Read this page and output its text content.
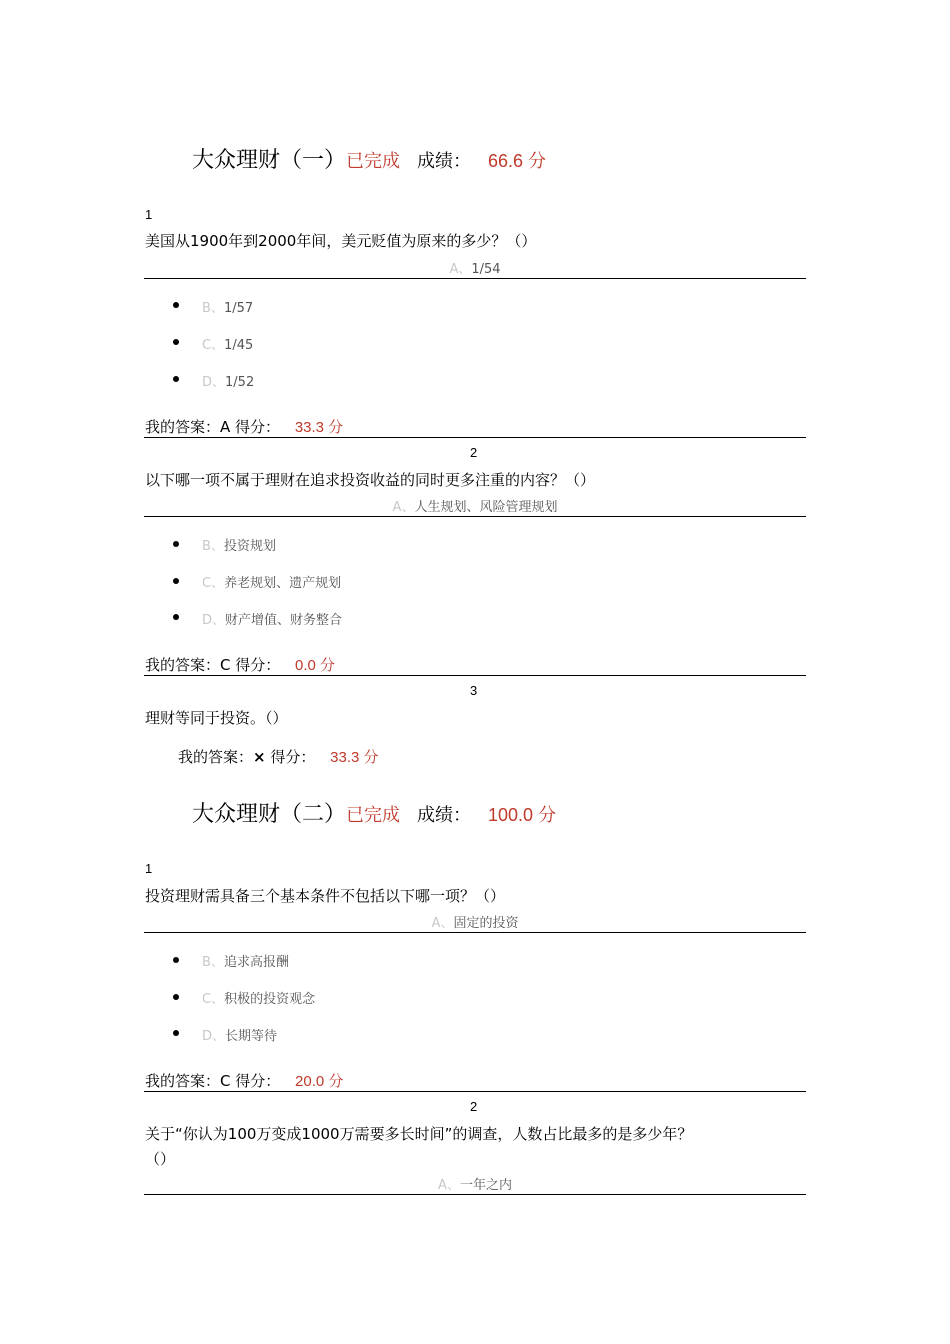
大众理财（一）已完成 成绩： 66.6 分
1
美国从1900年到2000年间，美元贬值为原来的多少？（）
A、1/54
B、1/57
C、1/45
D、1/52
我的答案：A 得分： 33.3 分
2
以下哪一项不属于理财在追求投资收益的同时更多注重的内容？（）
A、人生规划、风险管理规划
B、投资规划
C、养老规划、遗产规划
D、财产增值、财务整合
我的答案：C 得分： 0.0 分
3
理财等同于投资。（）
我的答案：× 得分： 33.3 分
大众理财（二）已完成 成绩： 100.0 分
1
投资理财需具备三个基本条件不包括以下哪一项？（）
A、固定的投资
B、追求高报酬
C、积极的投资观念
D、长期等待
我的答案：C 得分： 20.0 分
2
关于“你认为100万变成1000万需要多长时间”的调查，人数占比最多的是多少年？
（）
A、一年之内
